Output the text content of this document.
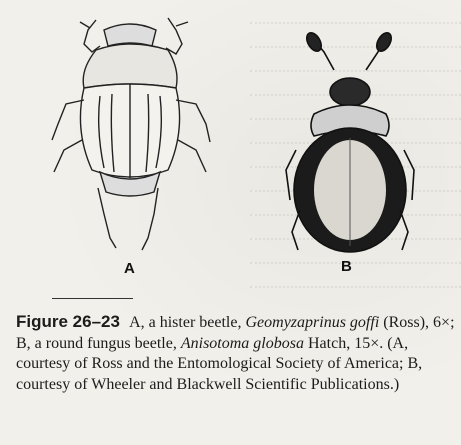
A	B
Figure 26–23 A, a hister beetle, Geomyzaprinus goffi (Ross), 6×; B, a round fungus beetle, Anisotoma globosa Hatch, 15×. (A, courtesy of Ross and the Entomological Society of America; B, courtesy of Wheeler and Blackwell Scientific Publications.)
